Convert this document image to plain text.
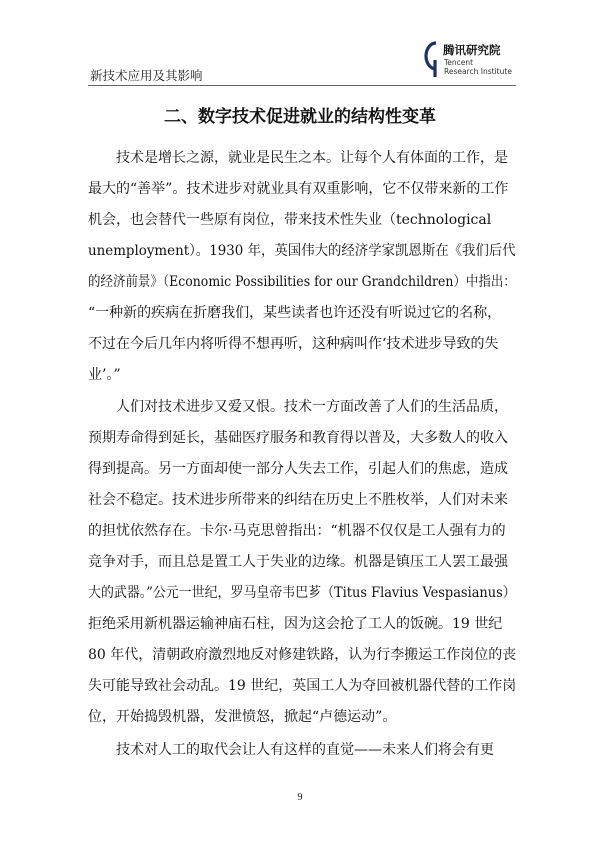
新技术应用及其影响
腾讯研究院
Tencent
Research Institute
二、数字技术促进就业的结构性变革
技术是增长之源，就业是民生之本。让每个人有体面的工作，是
最大的“善举”。技术进步对就业具有双重影响，它不仅带来新的工作
机会，也会替代一些原有岗位，带来技术性失业（technological
unemployment）。1930 年，英国伟大的经济学家凯恩斯在《我们后代
的经济前景》（Economic Possibilities for our Grandchildren）中指出：
“一种新的疾病在折磨我们，某些读者也许还没有听说过它的名称，
不过在今后几年内将听得不想再听，这种病叫作‘技术进步导致的失
业’。”
人们对技术进步又爱又恨。技术一方面改善了人们的生活品质，
预期寿命得到延长，基础医疗服务和教育得以普及，大多数人的收入
得到提高。另一方面却使一部分人失去工作，引起人们的焦虑，造成
社会不稳定。技术进步所带来的纠结在历史上不胜枚举，人们对未来
的担忧依然存在。卡尔·马克思曾指出：“机器不仅仅是工人强有力的
竞争对手，而且总是置工人于失业的边缘。机器是镇压工人罢工最强
大的武器。”公元一世纪，罗马皇帝韦巴芗（Titus Flavius Vespasianus）
拒绝采用新机器运输神庙石柱，因为这会抢了工人的饭碗。19 世纪
80 年代，清朝政府激烈地反对修建铁路，认为行李搬运工作岗位的丧
失可能导致社会动乱。19 世纪，英国工人为夺回被机器代替的工作岗
位，开始捣毁机器，发泄愤怒，掀起“卢德运动”。
技术对人工的取代会让人有这样的直觉——未来人们将会有更
9
